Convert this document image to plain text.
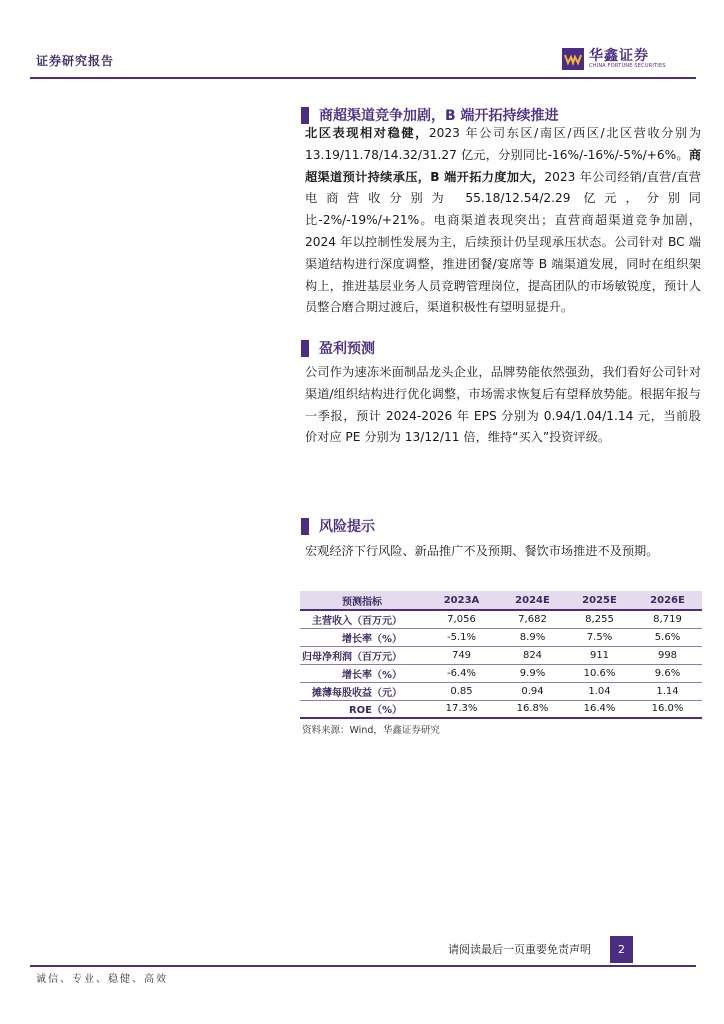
证券研究报告	华鑫证券
CHINA FORTUNE SECURITIES
商超渠道竞争加剧，B 端开拓持续推进
北区表现相对稳健，2023 年公司东区/南区/西区/北区营收分别为 13.19/11.78/14.32/31.27 亿元，分别同比-16%/-16%/-5%/+6%。商超渠道预计持续承压，B 端开拓力度加大，2023 年公司经销/直营/直营电商营收分别为 55.18/12.54/2.29 亿元，分别同比-2%/-19%/+21%。电商渠道表现突出；直营商超渠道竞争加剧，2024 年以控制性发展为主，后续预计仍呈现承压状态。公司针对 BC 端渠道结构进行深度调整，推进团餐/宴席等 B 端渠道发展，同时在组织架构上，推进基层业务人员竞聘管理岗位，提高团队的市场敏锐度，预计人员整合磨合期过渡后，渠道积极性有望明显提升。
盈利预测
公司作为速冻米面制品龙头企业，品牌势能依然强劲，我们看好公司针对渠道/组织结构进行优化调整，市场需求恢复后有望释放势能。根据年报与一季报，预计 2024-2026 年 EPS 分别为 0.94/1.04/1.14 元，当前股价对应 PE 分别为 13/12/11 倍，维持“买入”投资评级。
风险提示
宏观经济下行风险、新品推广不及预期、餐饮市场推进不及预期。
预测指标	2023A	2024E	2025E	2026E
主营收入（百万元）	7,056	7,682	8,255	8,719
增长率（%）	-5.1%	8.9%	7.5%	5.6%
归母净利润（百万元）	749	824	911	998
增长率（%）	-6.4%	9.9%	10.6%	9.6%
摊薄每股收益（元）	0.85	0.94	1.04	1.14
ROE（%）	17.3%	16.8%	16.4%	16.0%
资料来源：Wind，华鑫证券研究
请阅读最后一页重要免责声明	2
诚信、专业、稳健、高效
